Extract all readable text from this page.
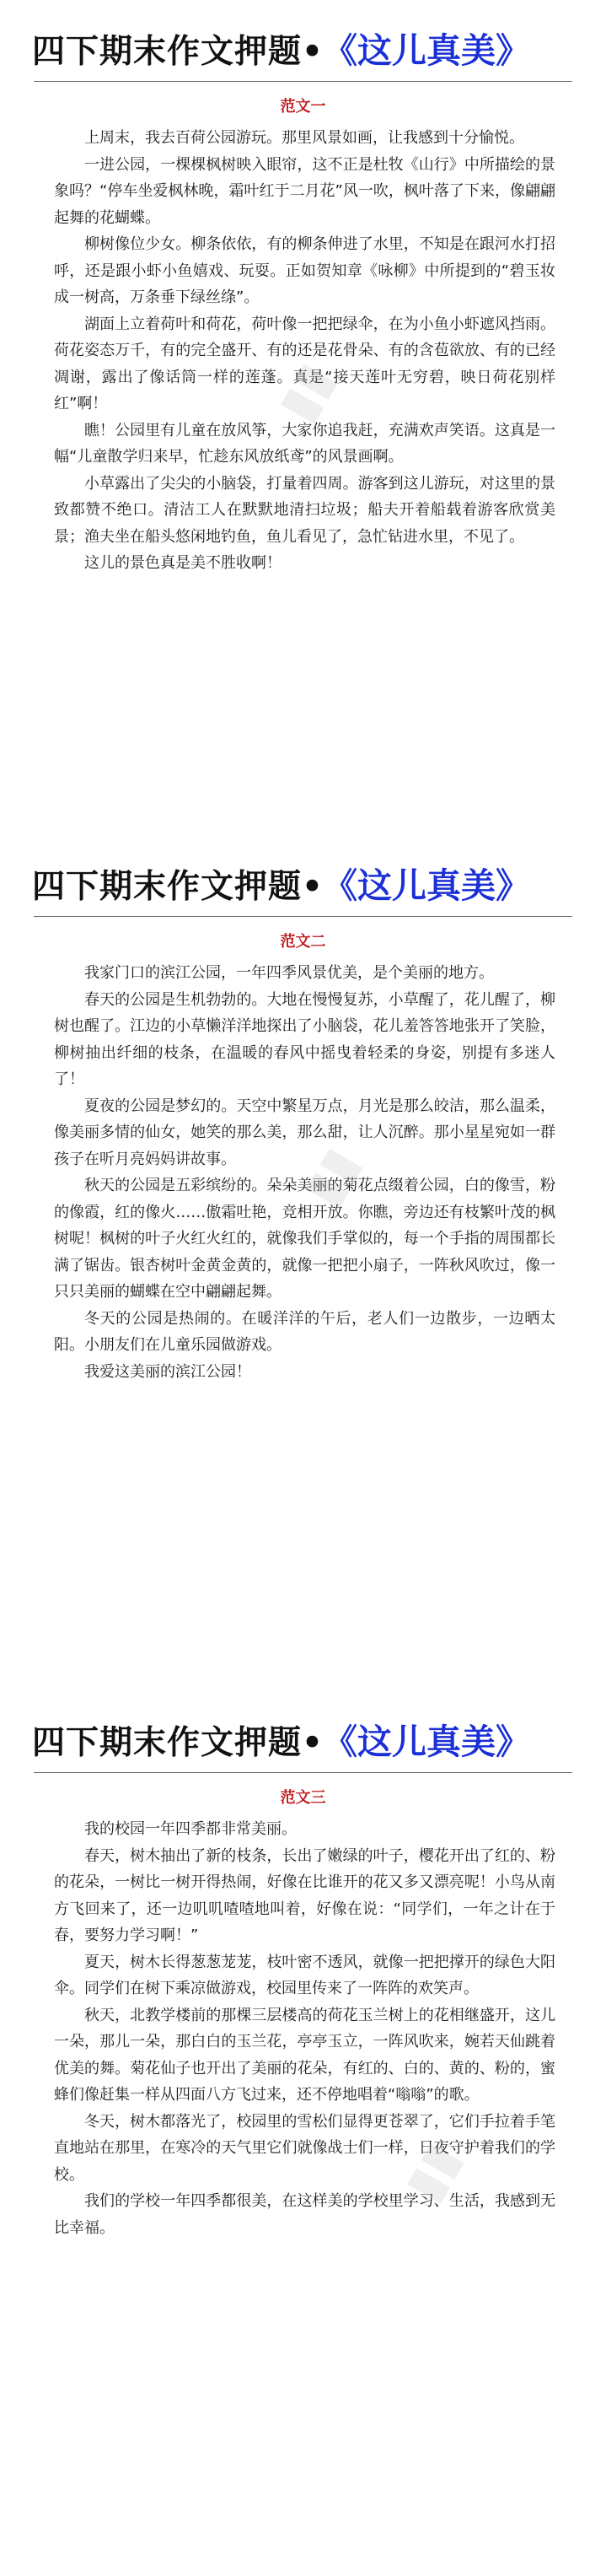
四下期末作文押题•《这儿真美》
范文一

上周末，我去百荷公园游玩。那里风景如画，让我感到十分愉悦。

一进公园，一棵棵枫树映入眼帘，这不正是杜牧《山行》中所描绘的景象吗？“停车坐爱枫林晚，霜叶红于二月花”风一吹，枫叶落了下来，像翩翩起舞的花蝴蝶。

柳树像位少女。柳条依依，有的柳条伸进了水里，不知是在跟河水打招呼，还是跟小虾小鱼嬉戏、玩耍。正如贺知章《咏柳》中所提到的“碧玉妆成一树高，万条垂下绿丝绦”。

湖面上立着荷叶和荷花，荷叶像一把把绿伞，在为小鱼小虾遮风挡雨。荷花姿态万千，有的完全盛开、有的还是花骨朵、有的含苞欲放、有的已经凋谢，露出了像话筒一样的莲蓬。真是“接天莲叶无穷碧，映日荷花别样红”啊！

瞧！公园里有儿童在放风筝，大家你追我赶，充满欢声笑语。这真是一幅“儿童散学归来早，忙趁东风放纸鸢”的风景画啊。

小草露出了尖尖的小脑袋，打量着四周。游客到这儿游玩，对这里的景致都赞不绝口。清洁工人在默默地清扫垃圾；船夫开着船载着游客欣赏美景；渔夫坐在船头悠闲地钓鱼，鱼儿看见了，急忙钻进水里，不见了。

这儿的景色真是美不胜收啊！

四下期末作文押题•《这儿真美》
范文二

我家门口的滨江公园，一年四季风景优美，是个美丽的地方。

春天的公园是生机勃勃的。大地在慢慢复苏，小草醒了，花儿醒了，柳树也醒了。江边的小草懒洋洋地探出了小脑袋，花儿羞答答地张开了笑脸，柳树抽出纤细的枝条，在温暖的春风中摇曳着轻柔的身姿，别提有多迷人了！

夏夜的公园是梦幻的。天空中繁星万点，月光是那么皎洁，那么温柔，像美丽多情的仙女，她笑的那么美，那么甜，让人沉醉。那小星星宛如一群孩子在听月亮妈妈讲故事。

秋天的公园是五彩缤纷的。朵朵美丽的菊花点缀着公园，白的像雪，粉的像霞，红的像火……傲霜吐艳，竞相开放。你瞧，旁边还有枝繁叶茂的枫树呢！枫树的叶子火红火红的，就像我们手掌似的，每一个手指的周围都长满了锯齿。银杏树叶金黄金黄的，就像一把把小扇子，一阵秋风吹过，像一只只美丽的蝴蝶在空中翩翩起舞。

冬天的公园是热闹的。在暖洋洋的午后，老人们一边散步，一边晒太阳。小朋友们在儿童乐园做游戏。

我爱这美丽的滨江公园！

四下期末作文押题•《这儿真美》
范文三

我的校园一年四季都非常美丽。

春天，树木抽出了新的枝条，长出了嫩绿的叶子，樱花开出了红的、粉的花朵，一树比一树开得热闹，好像在比谁开的花又多又漂亮呢！小鸟从南方飞回来了，还一边叽叽喳喳地叫着，好像在说：“同学们，一年之计在于春，要努力学习啊！”

夏天，树木长得葱葱茏茏，枝叶密不透风，就像一把把撑开的绿色大阳伞。同学们在树下乘凉做游戏，校园里传来了一阵阵的欢笑声。

秋天，北教学楼前的那棵三层楼高的荷花玉兰树上的花相继盛开，这儿一朵，那儿一朵，那白白的玉兰花，亭亭玉立，一阵风吹来，婉若天仙跳着优美的舞。菊花仙子也开出了美丽的花朵，有红的、白的、黄的、粉的，蜜蜂们像赶集一样从四面八方飞过来，还不停地唱着“嗡嗡”的歌。

冬天，树木都落光了，校园里的雪松们显得更苍翠了，它们手拉着手笔直地站在那里，在寒冷的天气里它们就像战士们一样，日夜守护着我们的学校。

我们的学校一年四季都很美，在这样美的学校里学习、生活，我感到无比幸福。

▮▮
▮▮
▮▮
